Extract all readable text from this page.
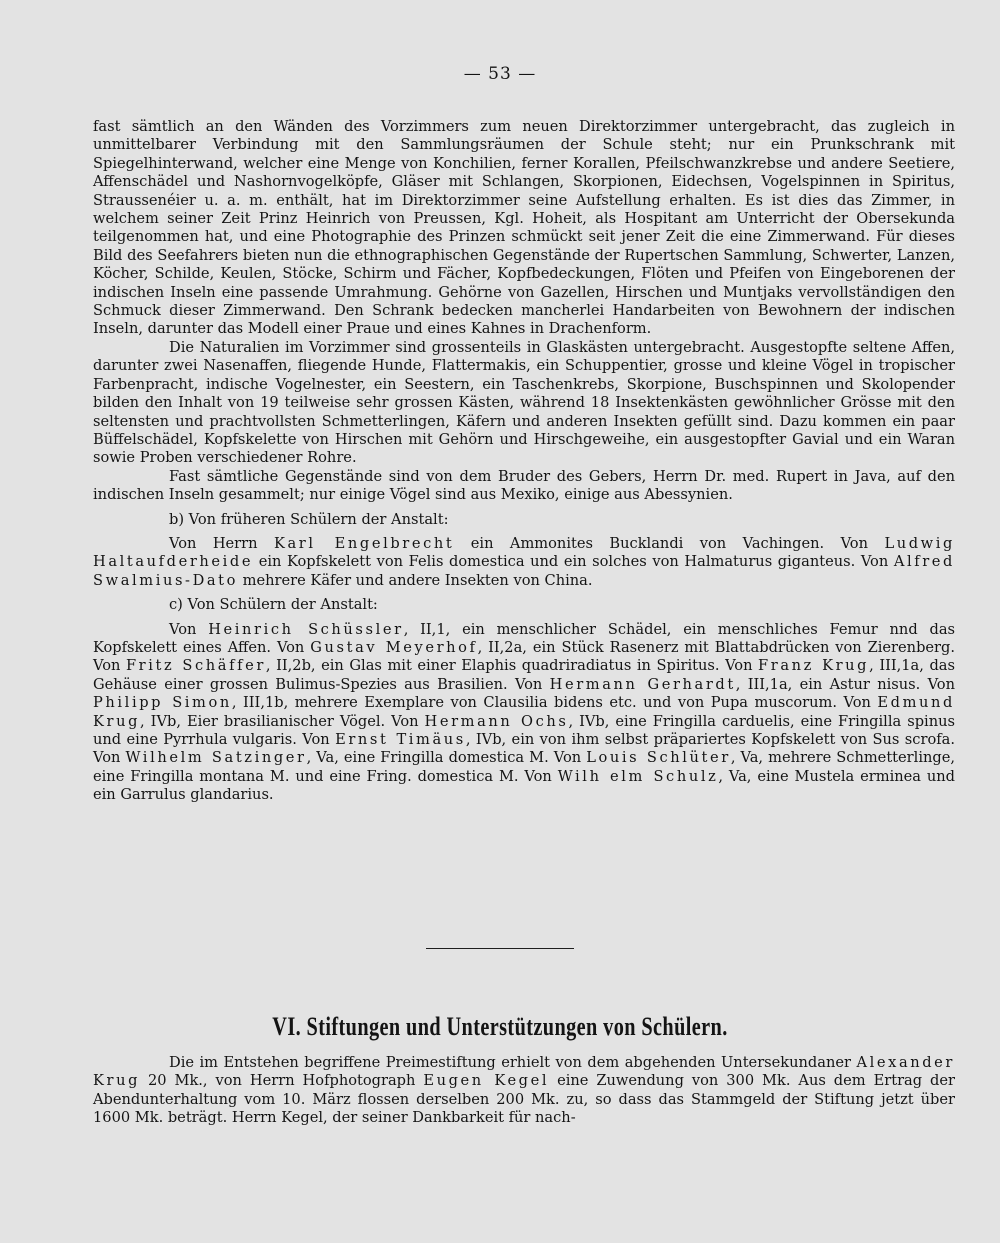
— 53 —

fast sämtlich an den Wänden des Vorzimmers zum neuen Direktorzimmer untergebracht, das zugleich in unmittelbarer Verbindung mit den Sammlungsräumen der Schule steht; nur ein Prunkschrank mit Spiegelhinterwand, welcher eine Menge von Konchilien, ferner Korallen, Pfeilschwanzkrebse und andere Seetiere, Affenschädel und Nashornvogelköpfe, Gläser mit Schlangen, Skorpionen, Eidechsen, Vogelspinnen in Spiritus, Straussenéier u. a. m. enthält, hat im Direktorzimmer seine Aufstellung erhalten. Es ist dies das Zimmer, in welchem seiner Zeit Prinz Heinrich von Preussen, Kgl. Hoheit, als Hospitant am Unterricht der Obersekunda teilgenommen hat, und eine Photographie des Prinzen schmückt seit jener Zeit die eine Zimmerwand. Für dieses Bild des Seefahrers bieten nun die ethnographischen Gegenstände der Rupertschen Sammlung, Schwerter, Lanzen, Köcher, Schilde, Keulen, Stöcke, Schirm und Fächer, Kopfbedeckungen, Flöten und Pfeifen von Eingeborenen der indischen Inseln eine passende Umrahmung. Gehörne von Gazellen, Hirschen und Muntjaks vervollständigen den Schmuck dieser Zimmerwand. Den Schrank bedecken mancherlei Handarbeiten von Bewohnern der indischen Inseln, darunter das Modell einer Praue und eines Kahnes in Drachenform.

Die Naturalien im Vorzimmer sind grossenteils in Glaskästen untergebracht. Ausgestopfte seltene Affen, darunter zwei Nasenaffen, fliegende Hunde, Flattermakis, ein Schuppentier, grosse und kleine Vögel in tropischer Farbenpracht, indische Vogelnester, ein Seestern, ein Taschenkrebs, Skorpione, Buschspinnen und Skolopender bilden den Inhalt von 19 teilweise sehr grossen Kästen, während 18 Insektenkästen gewöhnlicher Grösse mit den seltensten und prachtvollsten Schmetterlingen, Käfern und anderen Insekten gefüllt sind. Dazu kommen ein paar Büffelschädel, Kopfskelette von Hirschen mit Gehörn und Hirschgeweihe, ein ausgestopfter Gavial und ein Waran sowie Proben verschiedener Rohre.

Fast sämtliche Gegenstände sind von dem Bruder des Gebers, Herrn Dr. med. Rupert in Java, auf den indischen Inseln gesammelt; nur einige Vögel sind aus Mexiko, einige aus Abessynien.

b) Von früheren Schülern der Anstalt:

Von Herrn Karl Engelbrecht ein Ammonites Bucklandi von Vachingen. Von Ludwig Haltaufderheide ein Kopfskelett von Felis domestica und ein solches von Halmaturus giganteus. Von Alfred Swalmius-Dato mehrere Käfer und andere Insekten von China.

c) Von Schülern der Anstalt:

Von Heinrich Schüssler, II,1, ein menschlicher Schädel, ein menschliches Femur nnd das Kopfskelett eines Affen. Von Gustav Meyerhof, II,2a, ein Stück Rasenerz mit Blattabdrücken von Zierenberg. Von Fritz Schäffer, II,2b, ein Glas mit einer Elaphis quadriradiatus in Spiritus. Von Franz Krug, III,1a, das Gehäuse einer grossen Bulimus-Spezies aus Brasilien. Von Hermann Gerhardt, III,1a, ein Astur nisus. Von Philipp Simon, III,1b, mehrere Exemplare von Clausilia bidens etc. und von Pupa muscorum. Von Edmund Krug, IVb, Eier brasilianischer Vögel. Von Hermann Ochs, IVb, eine Fringilla carduelis, eine Fringilla spinus und eine Pyrrhula vulgaris. Von Ernst Timäus, IVb, ein von ihm selbst präpariertes Kopfskelett von Sus scrofa. Von Wilhelm Satzinger, Va, eine Fringilla domestica M. Von Louis Schlüter, Va, mehrere Schmetterlinge, eine Fringilla montana M. und eine Fring. domestica M. Von Wilh elm Schulz, Va, eine Mustela erminea und ein Garrulus glandarius.

VI. Stiftungen und Unterstützungen von Schülern.

Die im Entstehen begriffene Preimestiftung erhielt von dem abgehenden Untersekundaner Alexander Krug 20 Mk., von Herrn Hofphotograph Eugen Kegel eine Zuwendung von 300 Mk. Aus dem Ertrag der Abendunterhaltung vom 10. März flossen derselben 200 Mk. zu, so dass das Stammgeld der Stiftung jetzt über 1600 Mk. beträgt. Herrn Kegel, der seiner Dankbarkeit für nach-
